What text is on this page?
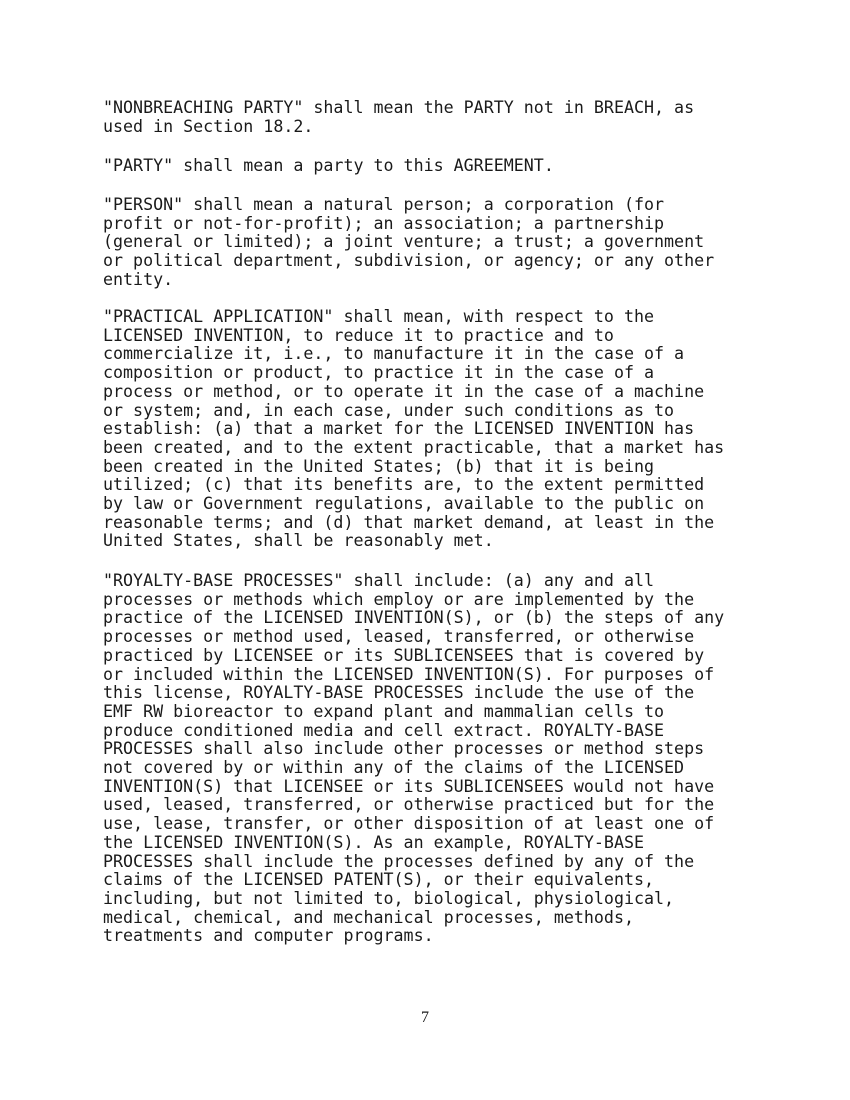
"NONBREACHING PARTY" shall mean the PARTY not in BREACH, as
used in Section 18.2.
"PARTY" shall mean a party to this AGREEMENT.
"PERSON" shall mean a natural person; a corporation (for
profit or not-for-profit); an association; a partnership
(general or limited); a joint venture; a trust; a government
or political department, subdivision, or agency; or any other
entity.
"PRACTICAL APPLICATION" shall mean, with respect to the
LICENSED INVENTION, to reduce it to practice and to
commercialize it, i.e., to manufacture it in the case of a
composition or product, to practice it in the case of a
process or method, or to operate it in the case of a machine
or system; and, in each case, under such conditions as to
establish: (a) that a market for the LICENSED INVENTION has
been created, and to the extent practicable, that a market has
been created in the United States; (b) that it is being
utilized; (c) that its benefits are, to the extent permitted
by law or Government regulations, available to the public on
reasonable terms; and (d) that market demand, at least in the
United States, shall be reasonably met.
"ROYALTY-BASE PROCESSES" shall include: (a) any and all
processes or methods which employ or are implemented by the
practice of the LICENSED INVENTION(S), or (b) the steps of any
processes or method used, leased, transferred, or otherwise
practiced by LICENSEE or its SUBLICENSEES that is covered by
or included within the LICENSED INVENTION(S). For purposes of
this license, ROYALTY-BASE PROCESSES include the use of the
EMF RW bioreactor to expand plant and mammalian cells to
produce conditioned media and cell extract. ROYALTY-BASE
PROCESSES shall also include other processes or method steps
not covered by or within any of the claims of the LICENSED
INVENTION(S) that LICENSEE or its SUBLICENSEES would not have
used, leased, transferred, or otherwise practiced but for the
use, lease, transfer, or other disposition of at least one of
the LICENSED INVENTION(S). As an example, ROYALTY-BASE
PROCESSES shall include the processes defined by any of the
claims of the LICENSED PATENT(S), or their equivalents,
including, but not limited to, biological, physiological,
medical, chemical, and mechanical processes, methods,
treatments and computer programs.
7
